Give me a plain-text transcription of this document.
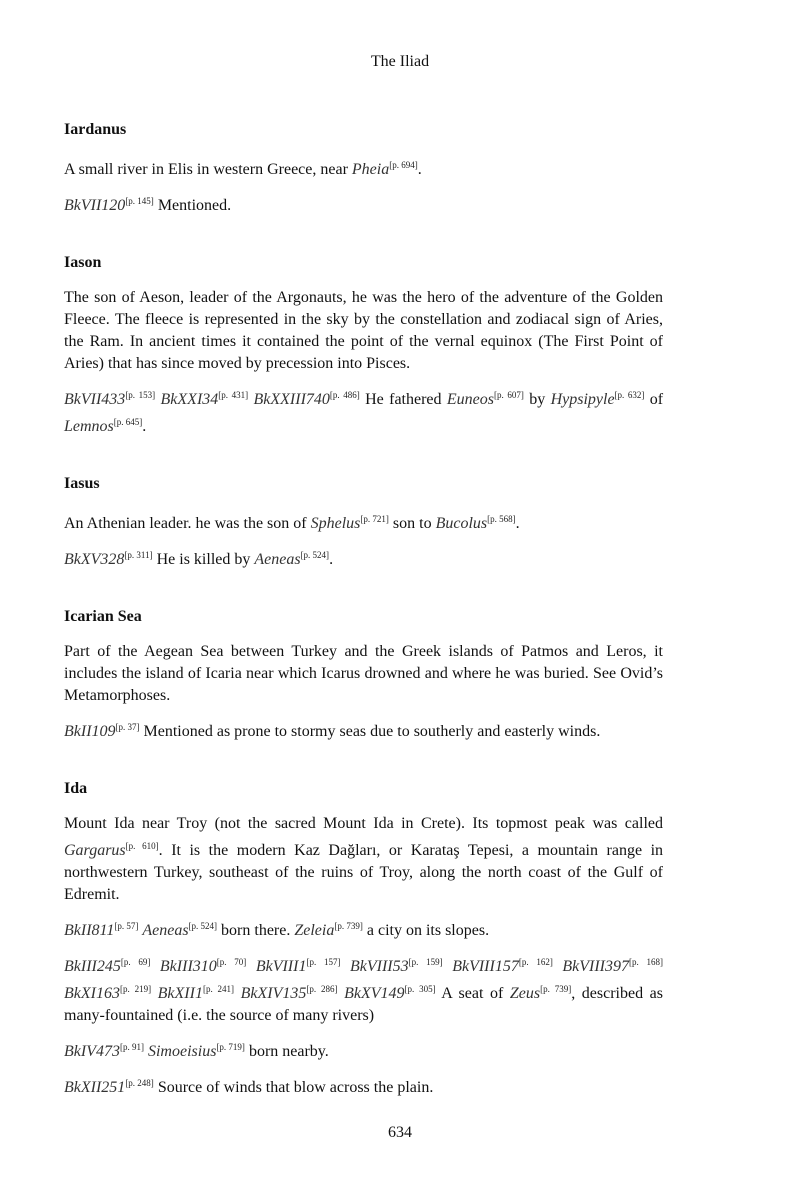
The Iliad
Iardanus

A small river in Elis in western Greece, near Pheia[p. 694].

BkVII120[p. 145] Mentioned.

Iason

The son of Aeson, leader of the Argonauts, he was the hero of the adventure of the Golden Fleece. The fleece is represented in the sky by the constellation and zodiacal sign of Aries, the Ram. In ancient times it contained the point of the vernal equinox (The First Point of Aries) that has since moved by precession into Pisces.

BkVII433[p. 153] BkXXI34[p. 431] BkXXIII740[p. 486] He fathered Euneos[p. 607] by Hypsipyle[p. 632] of Lemnos[p. 645].

Iasus

An Athenian leader. he was the son of Sphelus[p. 721] son to Bucolus[p. 568].

BkXV328[p. 311] He is killed by Aeneas[p. 524].

Icarian Sea

Part of the Aegean Sea between Turkey and the Greek islands of Patmos and Leros, it includes the island of Icaria near which Icarus drowned and where he was buried. See Ovid’s Metamorphoses.

BkII109[p. 37] Mentioned as prone to stormy seas due to southerly and easterly winds.

Ida

Mount Ida near Troy (not the sacred Mount Ida in Crete). Its topmost peak was called Gargarus[p. 610]. It is the modern Kaz Dağları, or Karataş Tepesi, a mountain range in northwestern Turkey, southeast of the ruins of Troy, along the north coast of the Gulf of Edremit.

BkII811[p. 57] Aeneas[p. 524] born there. Zeleia[p. 739] a city on its slopes.

BkIII245[p. 69] BkIII310[p. 70] BkVIII1[p. 157] BkVIII53[p. 159] BkVIII157[p. 162] BkVIII397[p. 168] BkXI163[p. 219] BkXII1[p. 241] BkXIV135[p. 286] BkXV149[p. 305] A seat of Zeus[p. 739], described as many-fountained (i.e. the source of many rivers)

BkIV473[p. 91] Simoeisius[p. 719] born nearby.

BkXII251[p. 248] Source of winds that blow across the plain.

634
